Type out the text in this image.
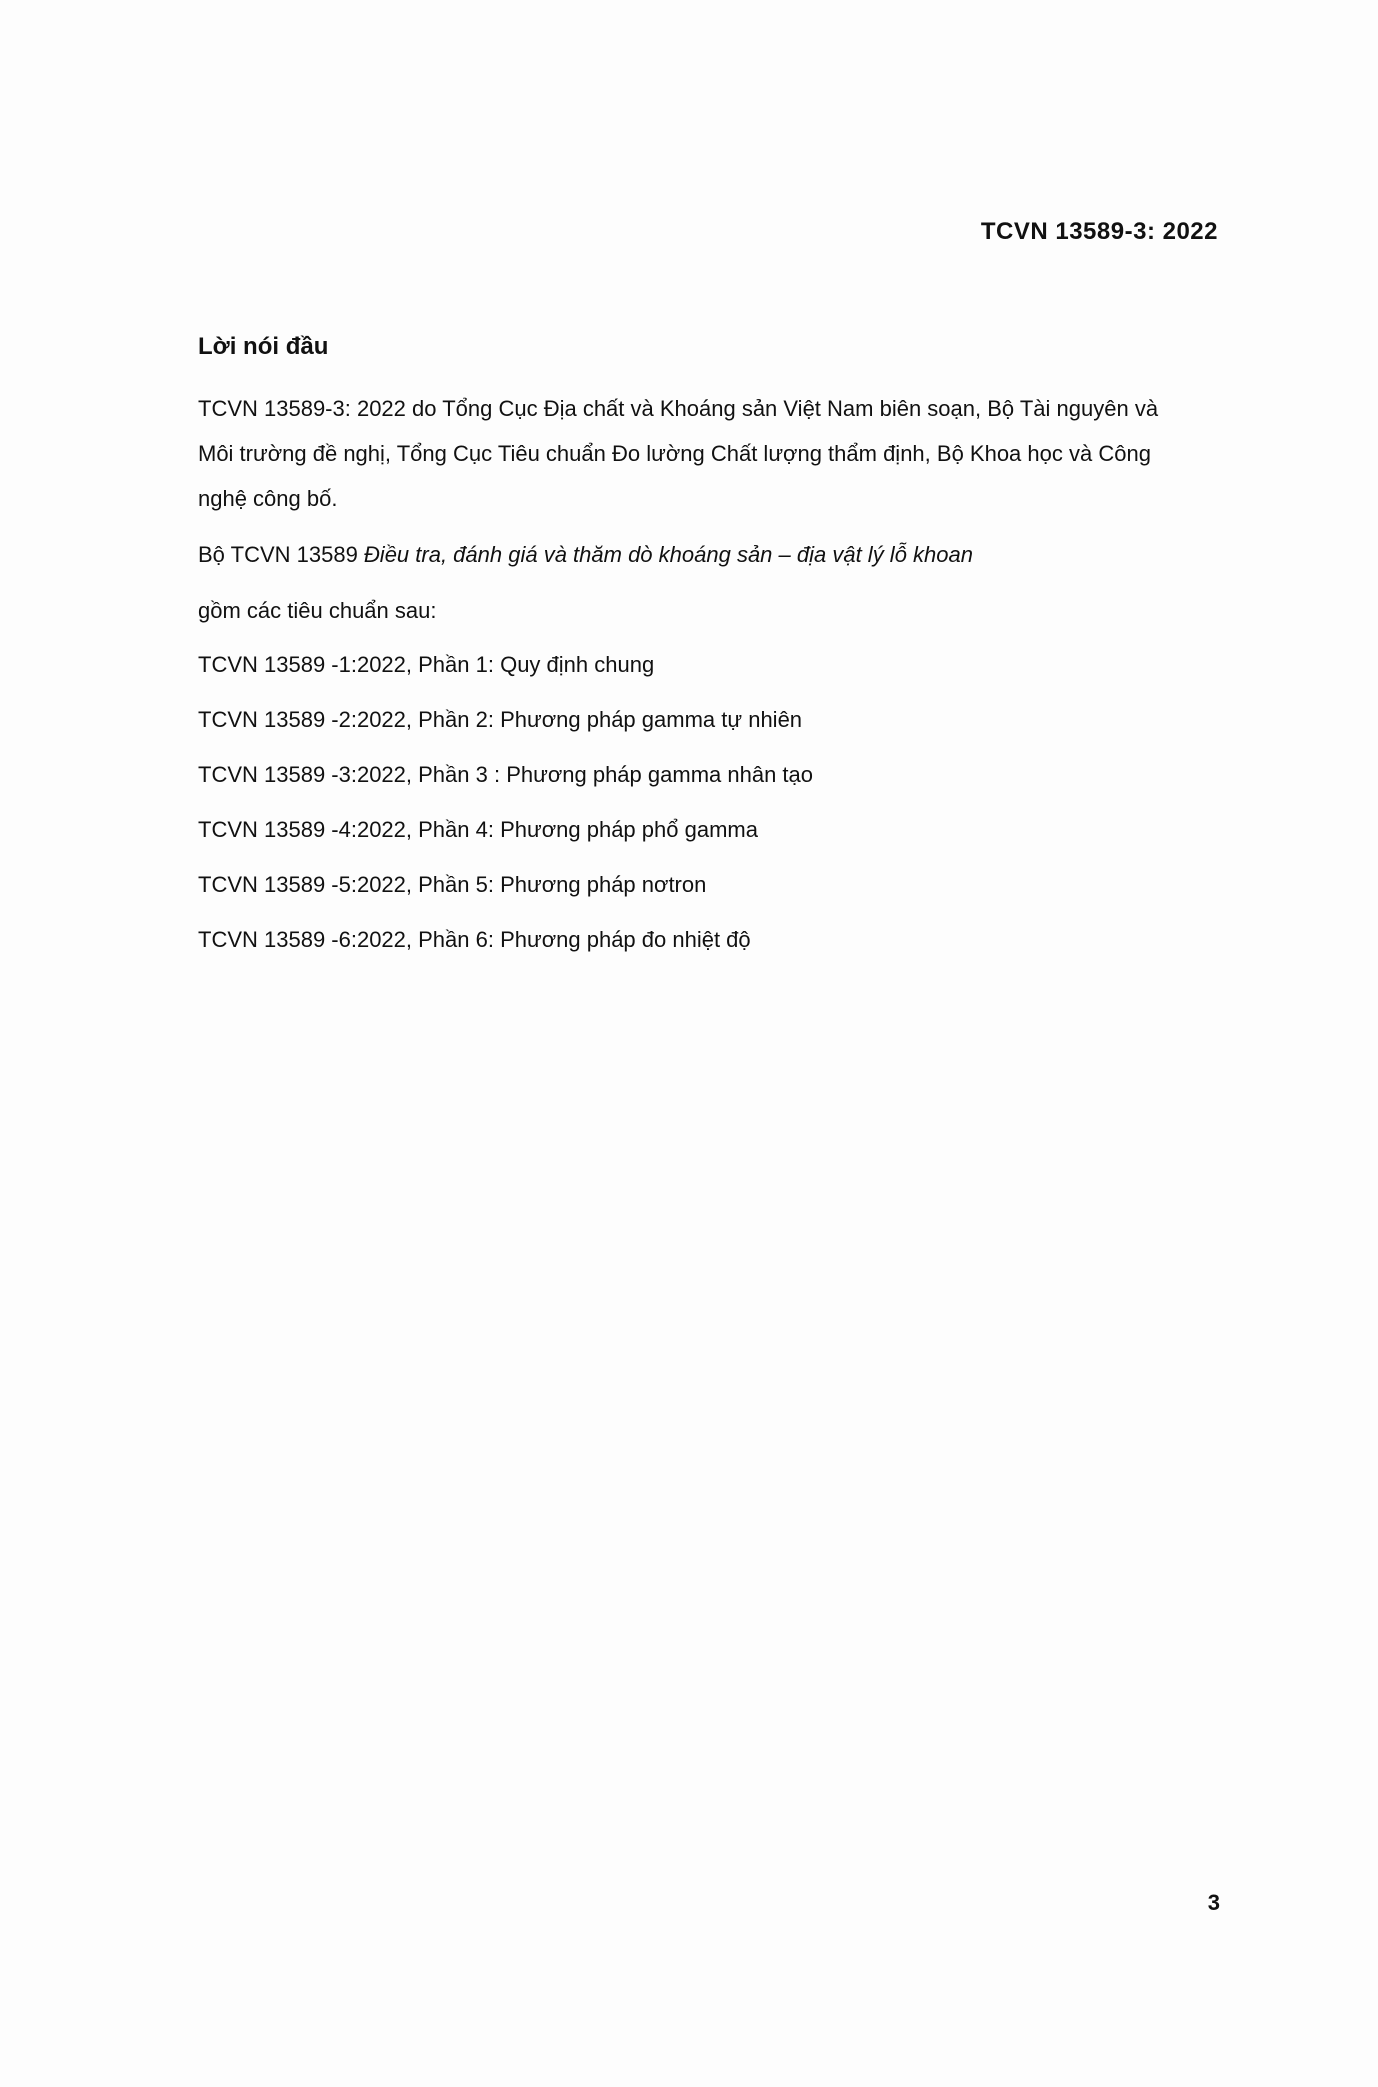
TCVN 13589-3: 2022
Lời nói đầu

TCVN 13589-3: 2022 do Tổng Cục Địa chất và Khoáng sản Việt Nam biên soạn, Bộ Tài nguyên và Môi trường đề nghị, Tổng Cục Tiêu chuẩn Đo lường Chất lượng thẩm định, Bộ Khoa học và Công nghệ công bố.

Bộ TCVN 13589 Điều tra, đánh giá và thăm dò khoáng sản – địa vật lý lỗ khoan
gồm các tiêu chuẩn sau:
TCVN 13589 -1:2022, Phần 1: Quy định chung
TCVN 13589 -2:2022, Phần 2: Phương pháp gamma tự nhiên
TCVN 13589 -3:2022, Phần 3 : Phương pháp gamma nhân tạo
TCVN 13589 -4:2022, Phần 4: Phương pháp phổ gamma
TCVN 13589 -5:2022, Phần 5: Phương pháp nơtron
TCVN 13589 -6:2022, Phần 6: Phương pháp đo nhiệt độ
3
